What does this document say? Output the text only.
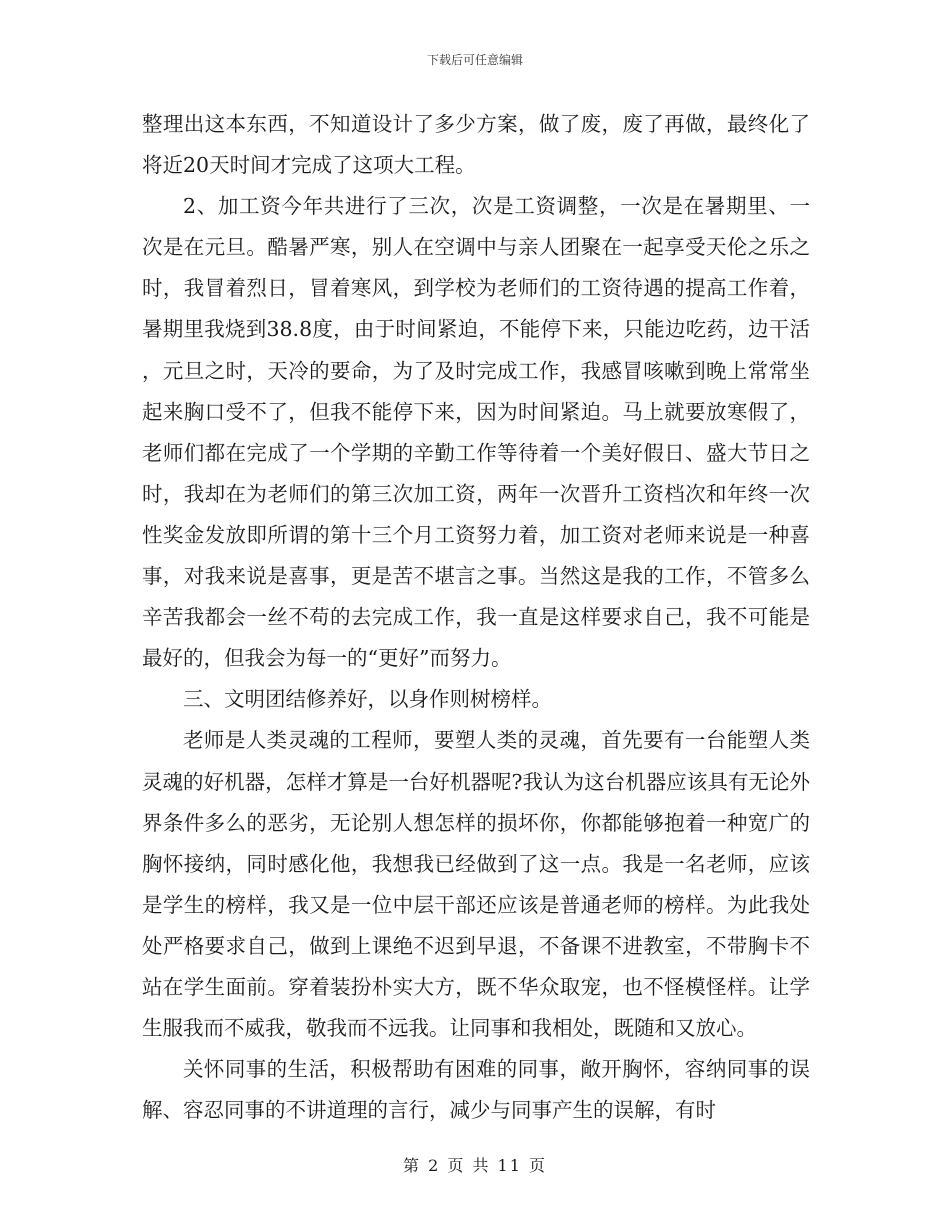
下载后可任意编辑

整理出这本东西，不知道设计了多少方案，做了废，废了再做，最终化了将近20天时间才完成了这项大工程。

2、加工资今年共进行了三次，次是工资调整，一次是在暑期里、一次是在元旦。酷暑严寒，别人在空调中与亲人团聚在一起享受天伦之乐之时，我冒着烈日，冒着寒风，到学校为老师们的工资待遇的提高工作着，暑期里我烧到38.8度，由于时间紧迫，不能停下来，只能边吃药，边干活，元旦之时，天冷的要命，为了及时完成工作，我感冒咳嗽到晚上常常坐起来胸口受不了，但我不能停下来，因为时间紧迫。马上就要放寒假了，老师们都在完成了一个学期的辛勤工作等待着一个美好假日、盛大节日之时，我却在为老师们的第三次加工资，两年一次晋升工资档次和年终一次性奖金发放即所谓的第十三个月工资努力着，加工资对老师来说是一种喜事，对我来说是喜事，更是苦不堪言之事。当然这是我的工作，不管多么辛苦我都会一丝不苟的去完成工作，我一直是这样要求自己，我不可能是最好的，但我会为每一的“更好”而努力。

三、文明团结修养好，以身作则树榜样。

老师是人类灵魂的工程师，要塑人类的灵魂，首先要有一台能塑人类灵魂的好机器，怎样才算是一台好机器呢?我认为这台机器应该具有无论外界条件多么的恶劣，无论别人想怎样的损坏你，你都能够抱着一种宽广的胸怀接纳，同时感化他，我想我已经做到了这一点。我是一名老师，应该是学生的榜样，我又是一位中层干部还应该是普通老师的榜样。为此我处处严格要求自己，做到上课绝不迟到早退，不备课不进教室，不带胸卡不站在学生面前。穿着装扮朴实大方，既不华众取宠，也不怪模怪样。让学生服我而不威我，敬我而不远我。让同事和我相处，既随和又放心。

关怀同事的生活，积极帮助有困难的同事，敞开胸怀，容纳同事的误解、容忍同事的不讲道理的言行，减少与同事产生的误解，有时

第 2 页 共 11 页
